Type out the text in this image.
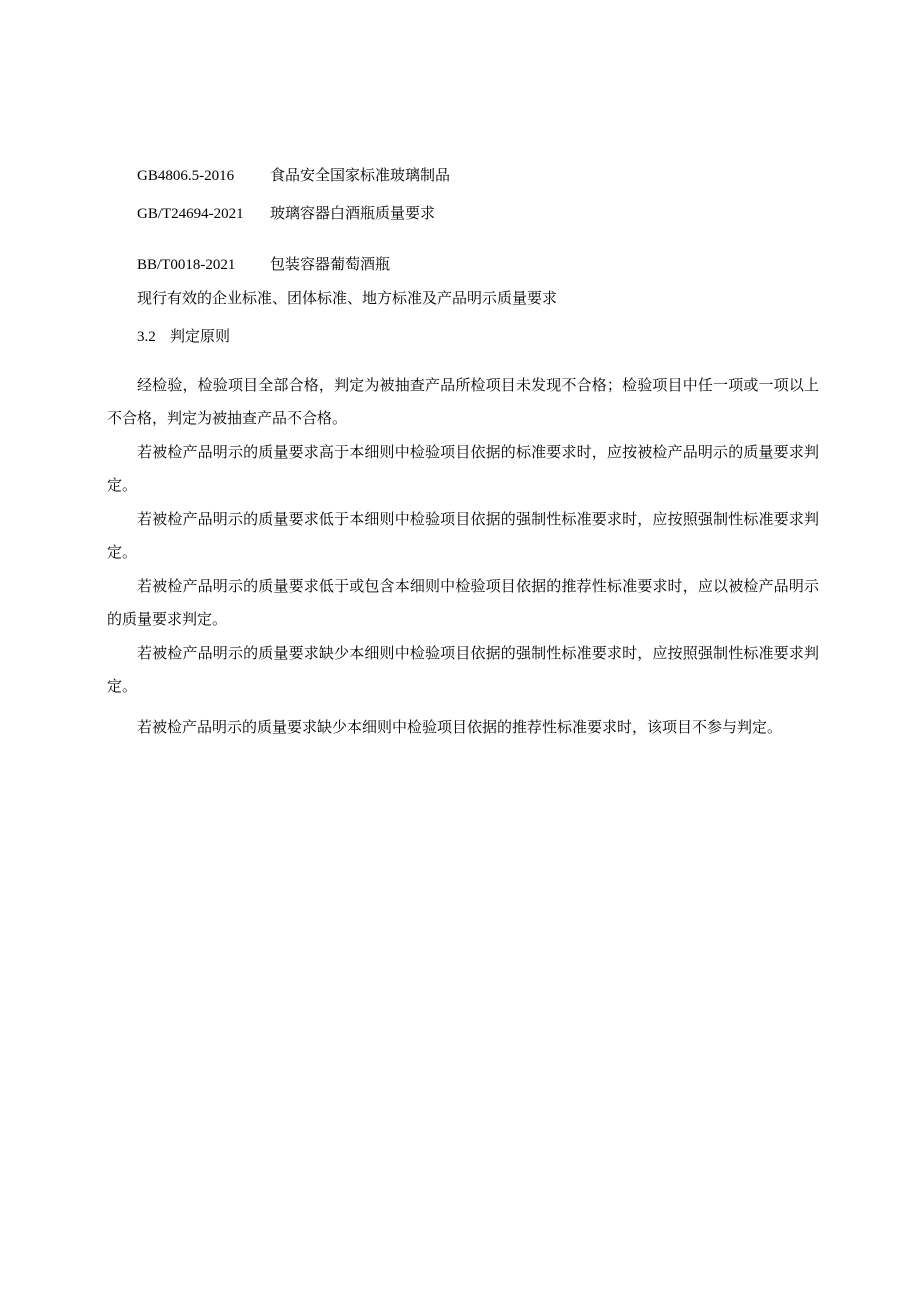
GB4806.5-2016 食品安全国家标准玻璃制品
GB/T24694-2021 玻璃容器白酒瓶质量要求
BB/T0018-2021 包装容器葡萄酒瓶
现行有效的企业标准、团体标准、地方标准及产品明示质量要求
3.2 判定原则

经检验，检验项目全部合格，判定为被抽查产品所检项目未发现不合格；检验项目中任一项或一项以上不合格，判定为被抽查产品不合格。

若被检产品明示的质量要求高于本细则中检验项目依据的标准要求时，应按被检产品明示的质量要求判定。

若被检产品明示的质量要求低于本细则中检验项目依据的强制性标准要求时，应按照强制性标准要求判定。

若被检产品明示的质量要求低于或包含本细则中检验项目依据的推荐性标准要求时，应以被检产品明示的质量要求判定。

若被检产品明示的质量要求缺少本细则中检验项目依据的强制性标准要求时，应按照强制性标准要求判定。

若被检产品明示的质量要求缺少本细则中检验项目依据的推荐性标准要求时，该项目不参与判定。
